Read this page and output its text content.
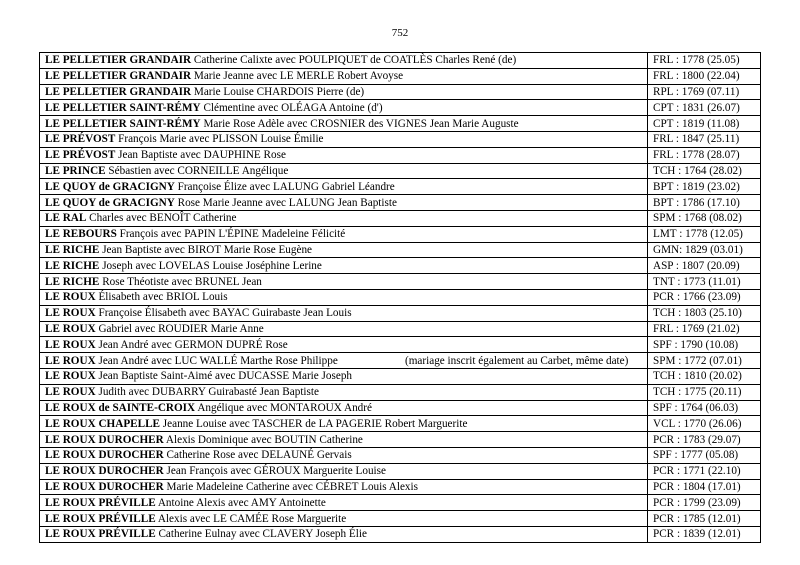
752
LE PELLETIER GRANDAIR Catherine Calixte avec POULPIQUET de COATLÈS Charles René (de)	FRL : 1778 (25.05)
LE PELLETIER GRANDAIR Marie Jeanne avec LE MERLE Robert Avoyse	FRL : 1800 (22.04)
LE PELLETIER GRANDAIR Marie Louise CHARDOIS Pierre (de)	RPL : 1769 (07.11)
LE PELLETIER SAINT-RÉMY Clémentine avec OLÉAGA Antoine (d')	CPT : 1831 (26.07)
LE PELLETIER SAINT-RÉMY Marie Rose Adèle avec CROSNIER des VIGNES Jean Marie Auguste	CPT : 1819 (11.08)
LE PRÉVOST François Marie avec PLISSON Louise Émilie	FRL : 1847 (25.11)
LE PRÉVOST Jean Baptiste avec DAUPHINE Rose	FRL : 1778 (28.07)
LE PRINCE Sébastien avec CORNEILLE Angélique	TCH : 1764 (28.02)
LE QUOY de GRACIGNY Françoise Élize avec LALUNG Gabriel Léandre	BPT : 1819 (23.02)
LE QUOY de GRACIGNY Rose Marie Jeanne avec LALUNG Jean Baptiste	BPT : 1786 (17.10)
LE RAL Charles avec BENOÎT Catherine	SPM : 1768 (08.02)
LE REBOURS François avec PAPIN L'ÉPINE Madeleine Félicité	LMT : 1778 (12.05)
LE RICHE Jean Baptiste avec BIROT Marie Rose Eugène	GMN: 1829 (03.01)
LE RICHE Joseph avec LOVELAS Louise Joséphine Lerine	ASP : 1807 (20.09)
LE RICHE Rose Théotiste avec BRUNEL Jean	TNT : 1773 (11.01)
LE ROUX Élisabeth avec BRIOL Louis	PCR : 1766 (23.09)
LE ROUX Françoise Élisabeth avec BAYAC Guirabaste Jean Louis	TCH : 1803 (25.10)
LE ROUX Gabriel avec ROUDIER Marie Anne	FRL : 1769 (21.02)
LE ROUX Jean André avec GERMON DUPRÉ Rose	SPF : 1790 (10.08)
LE ROUX Jean André avec LUC WALLÉ Marthe Rose Philippe (mariage inscrit également au Carbet, même date)	SPM : 1772 (07.01)
LE ROUX Jean Baptiste Saint-Aimé avec DUCASSE Marie Joseph	TCH : 1810 (20.02)
LE ROUX Judith avec DUBARRY Guirabasté Jean Baptiste	TCH : 1775 (20.11)
LE ROUX de SAINTE-CROIX Angélique avec MONTAROUX André	SPF : 1764 (06.03)
LE ROUX CHAPELLE Jeanne Louise avec TASCHER de LA PAGERIE Robert Marguerite	VCL : 1770 (26.06)
LE ROUX DUROCHER Alexis Dominique avec BOUTIN Catherine	PCR : 1783 (29.07)
LE ROUX DUROCHER Catherine Rose avec DELAUNÉ Gervais	SPF : 1777 (05.08)
LE ROUX DUROCHER Jean François avec GÉROUX Marguerite Louise	PCR : 1771 (22.10)
LE ROUX DUROCHER Marie Madeleine Catherine avec CÉBRET Louis Alexis	PCR : 1804 (17.01)
LE ROUX PRÉVILLE Antoine Alexis avec AMY Antoinette	PCR : 1799 (23.09)
LE ROUX PRÉVILLE Alexis avec LE CAMÉE Rose Marguerite	PCR : 1785 (12.01)
LE ROUX PRÉVILLE Catherine Eulnay avec CLAVERY Joseph Élie	PCR : 1839 (12.01)
